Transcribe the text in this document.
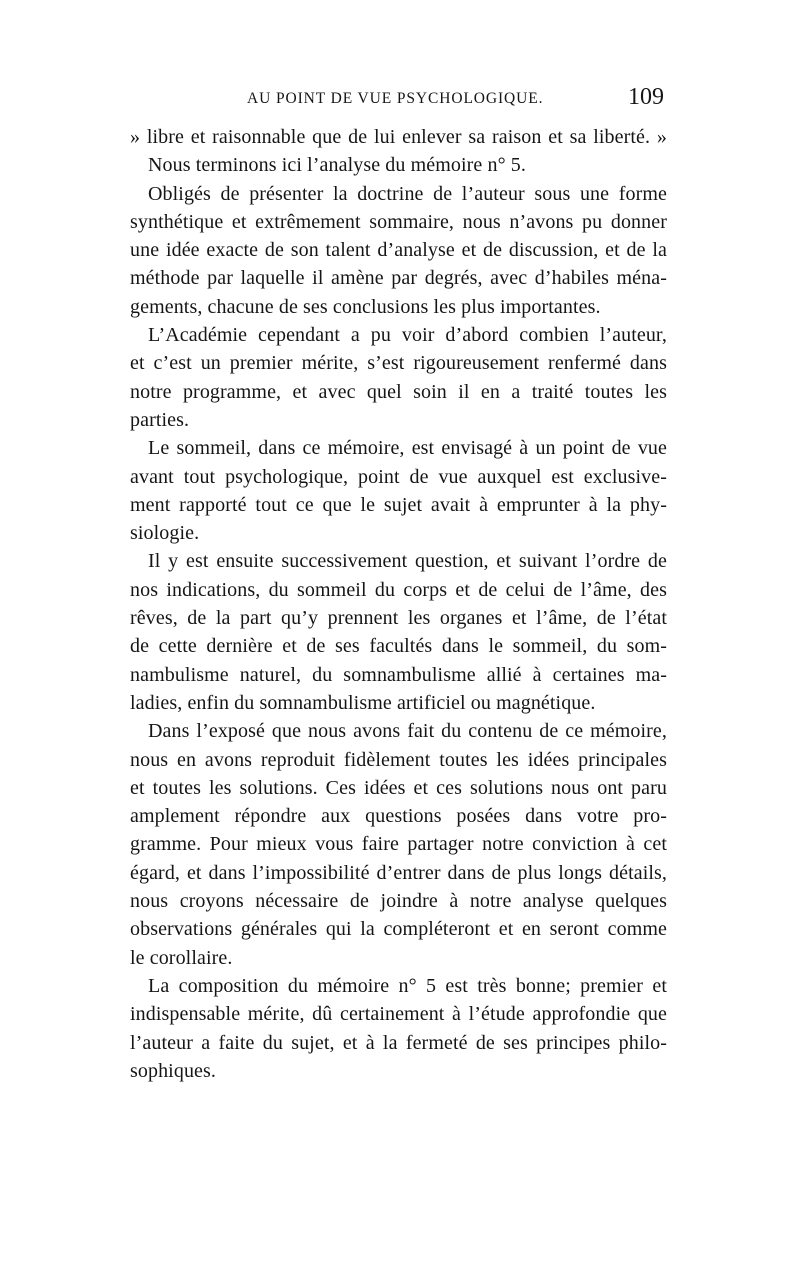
AU POINT DE VUE PSYCHOLOGIQUE.	109
» libre et raisonnable que de lui enlever sa raison et sa liberté. »
Nous terminons ici l’analyse du mémoire n° 5.
Obligés de présenter la doctrine de l’auteur sous une forme
synthétique et extrêmement sommaire, nous n’avons pu donner
une idée exacte de son talent d’analyse et de discussion, et de la
méthode par laquelle il amène par degrés, avec d’habiles ména-
gements, chacune de ses conclusions les plus importantes.
L’Académie cependant a pu voir d’abord combien l’auteur,
et c’est un premier mérite, s’est rigoureusement renfermé dans
notre programme, et avec quel soin il en a traité toutes les
parties.
Le sommeil, dans ce mémoire, est envisagé à un point de vue
avant tout psychologique, point de vue auxquel est exclusive-
ment rapporté tout ce que le sujet avait à emprunter à la phy-
siologie.
Il y est ensuite successivement question, et suivant l’ordre de
nos indications, du sommeil du corps et de celui de l’âme, des
rêves, de la part qu’y prennent les organes et l’âme, de l’état
de cette dernière et de ses facultés dans le sommeil, du som-
nambulisme naturel, du somnambulisme allié à certaines ma-
ladies, enfin du somnambulisme artificiel ou magnétique.
Dans l’exposé que nous avons fait du contenu de ce mémoire,
nous en avons reproduit fidèlement toutes les idées principales
et toutes les solutions. Ces idées et ces solutions nous ont paru
amplement répondre aux questions posées dans votre pro-
gramme. Pour mieux vous faire partager notre conviction à cet
égard, et dans l’impossibilité d’entrer dans de plus longs détails,
nous croyons nécessaire de joindre à notre analyse quelques
observations générales qui la compléteront et en seront comme
le corollaire.
La composition du mémoire n° 5 est très bonne; premier et
indispensable mérite, dû certainement à l’étude approfondie que
l’auteur a faite du sujet, et à la fermeté de ses principes philo-
sophiques.
